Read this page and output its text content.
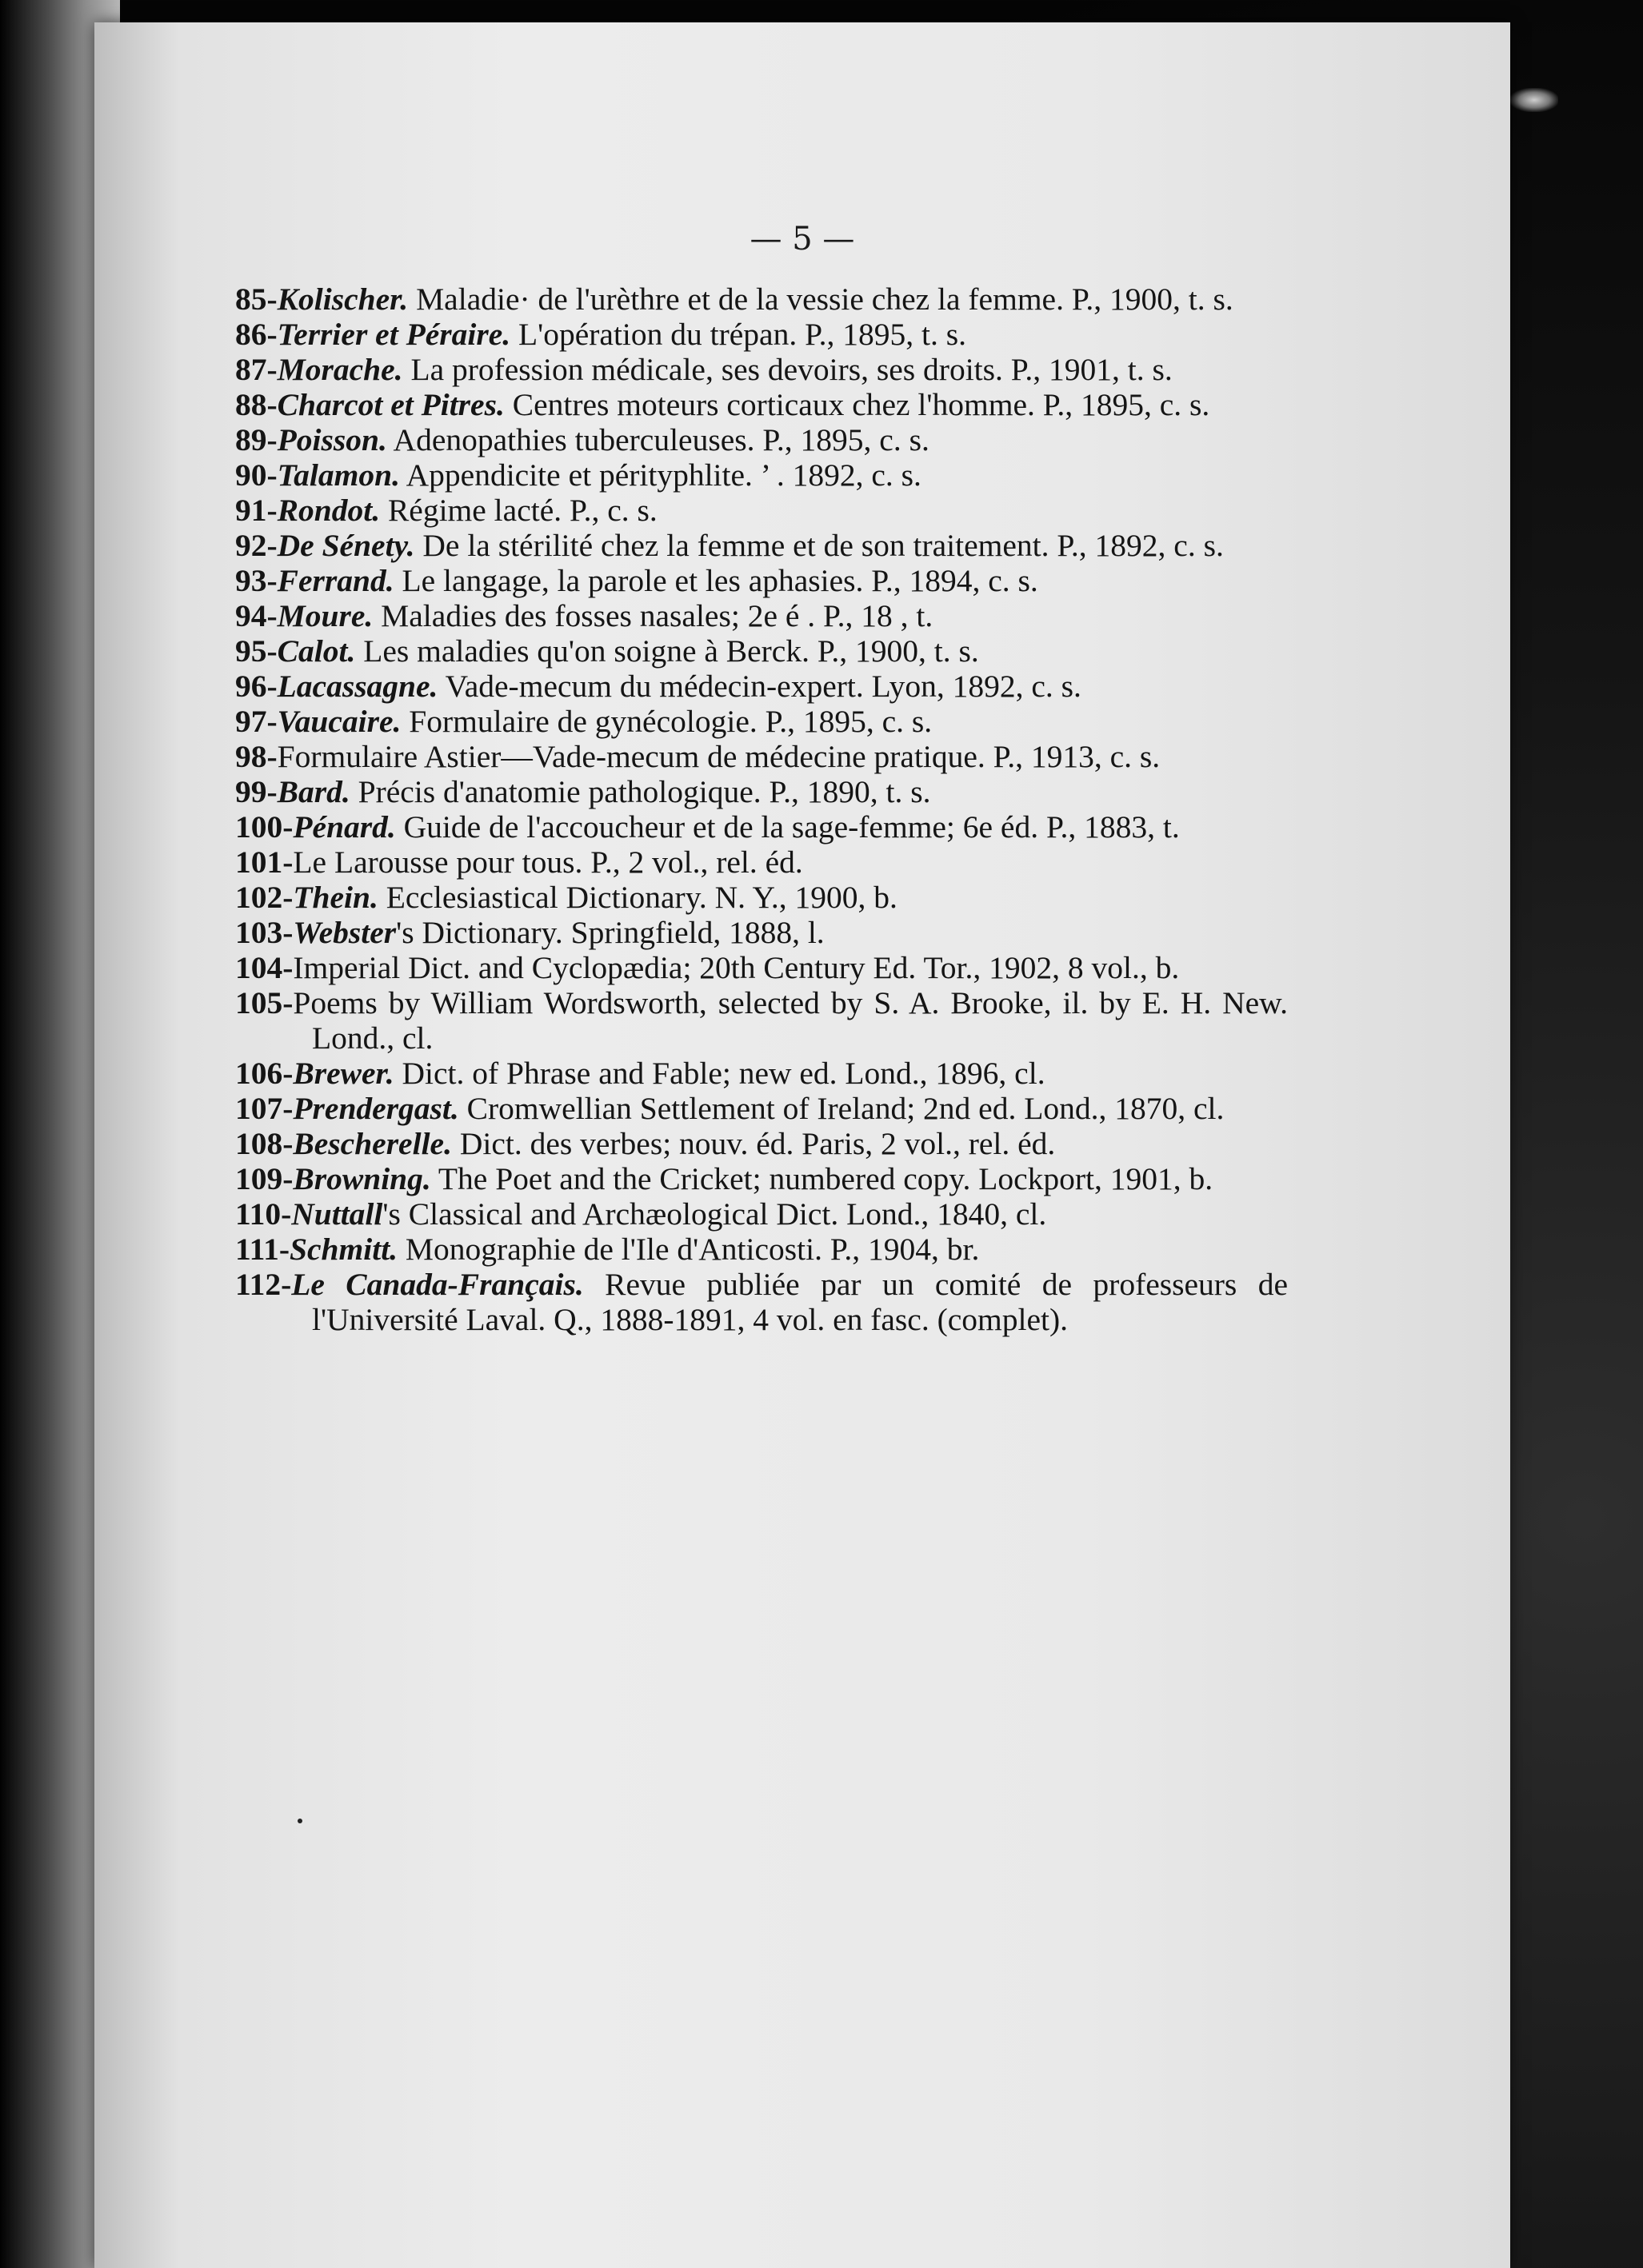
— 5 —
85-Kolischer. Maladie· de l'urèthre et de la vessie chez la femme. P., 1900, t. s.
86-Terrier et Péraire. L'opération du trépan. P., 1895, t. s.
87-Morache. La profession médicale, ses devoirs, ses droits. P., 1901, t. s.
88-Charcot et Pitres. Centres moteurs corticaux chez l'homme. P., 1895, c. s.
89-Poisson. Adenopathies tuberculeuses. P., 1895, c. s.
90-Talamon. Appendicite et pérityphlite. ’ . 1892, c. s.
91-Rondot. Régime lacté. P., c. s.
92-De Sénety. De la stérilité chez la femme et de son traitement. P., 1892, c. s.
93-Ferrand. Le langage, la parole et les aphasies. P., 1894, c. s.
94-Moure. Maladies des fosses nasales; 2e é . P., 18 , t.
95-Calot. Les maladies qu'on soigne à Berck. P., 1900, t. s.
96-Lacassagne. Vade-mecum du médecin-expert. Lyon, 1892, c. s.
97-Vaucaire. Formulaire de gynécologie. P., 1895, c. s.
98-Formulaire Astier—Vade-mecum de médecine pratique. P., 1913, c. s.
99-Bard. Précis d'anatomie pathologique. P., 1890, t. s.
100-Pénard. Guide de l'accoucheur et de la sage-femme; 6e éd. P., 1883, t.
101-Le Larousse pour tous. P., 2 vol., rel. éd.
102-Thein. Ecclesiastical Dictionary. N. Y., 1900, b.
103-Webster's Dictionary. Springfield, 1888, l.
104-Imperial Dict. and Cyclopædia; 20th Century Ed. Tor., 1902, 8 vol., b.
105-Poems by William Wordsworth, selected by S. A. Brooke, il. by E. H. New. Lond., cl.
106-Brewer. Dict. of Phrase and Fable; new ed. Lond., 1896, cl.
107-Prendergast. Cromwellian Settlement of Ireland; 2nd ed. Lond., 1870, cl.
108-Bescherelle. Dict. des verbes; nouv. éd. Paris, 2 vol., rel. éd.
109-Browning. The Poet and the Cricket; numbered copy. Lockport, 1901, b.
110-Nuttall's Classical and Archæological Dict. Lond., 1840, cl.
111-Schmitt. Monographie de l'Ile d'Anticosti. P., 1904, br.
112-Le Canada-Français. Revue publiée par un comité de professeurs de l'Université Laval. Q., 1888-1891, 4 vol. en fasc. (complet).
